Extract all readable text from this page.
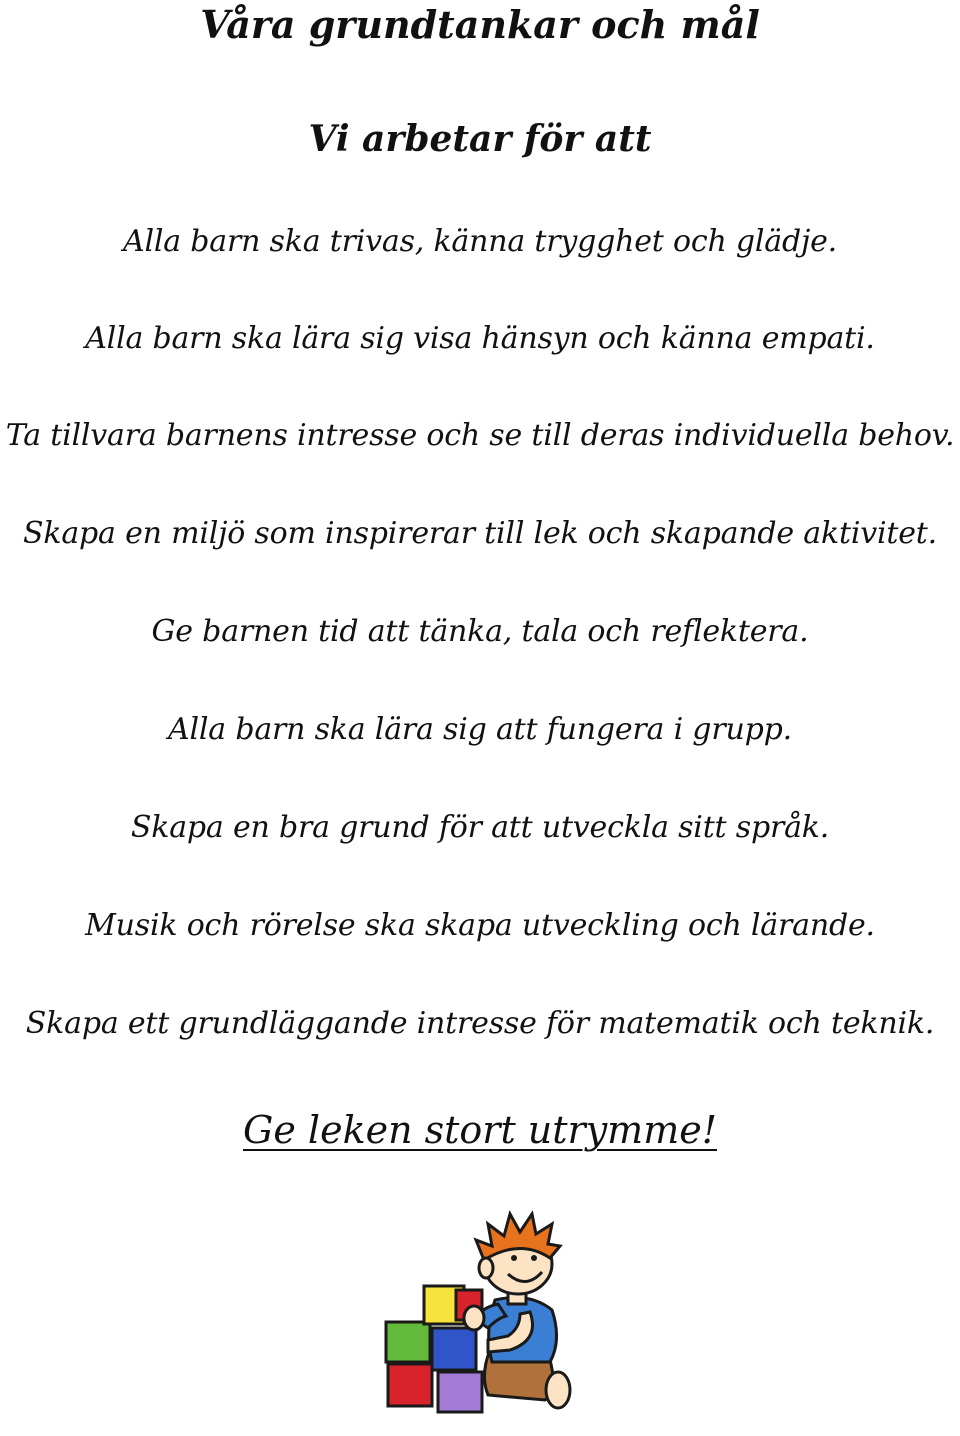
Våra grundtankar och mål
Vi arbetar för att

Alla barn ska trivas, känna trygghet och glädje.

Alla barn ska lära sig visa hänsyn och känna empati.

Ta tillvara barnens intresse och se till deras individuella behov.

Skapa en miljö som inspirerar till lek och skapande aktivitet.

Ge barnen tid att tänka, tala och reflektera.

Alla barn ska lära sig att fungera i grupp.

Skapa en bra grund för att utveckla sitt språk.

Musik och rörelse ska skapa utveckling och lärande.

Skapa ett grundläggande intresse för matematik och teknik.

Ge leken stort utrymme!
